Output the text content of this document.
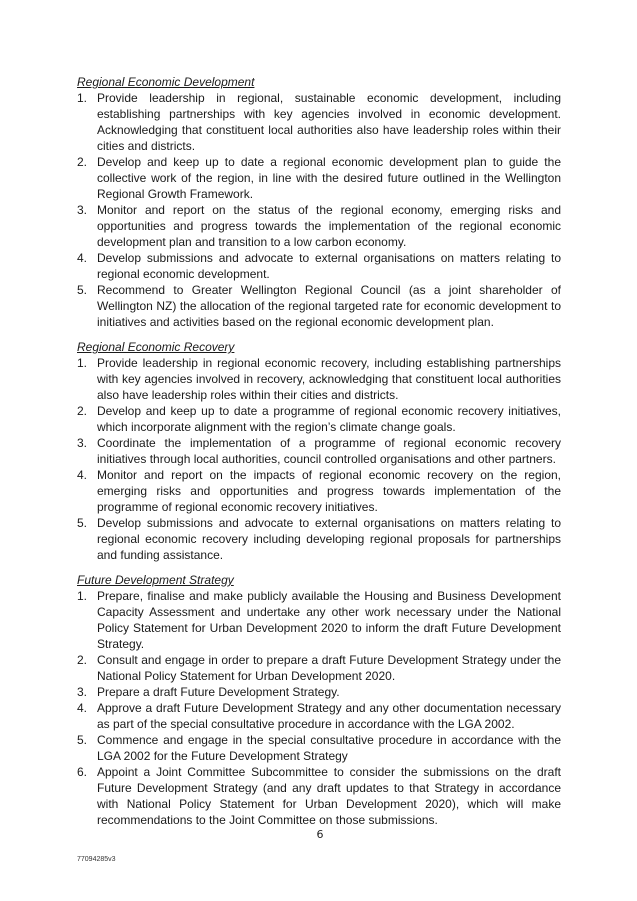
Regional Economic Development

1. Provide leadership in regional, sustainable economic development, including establishing partnerships with key agencies involved in economic development. Acknowledging that constituent local authorities also have leadership roles within their cities and districts.
2. Develop and keep up to date a regional economic development plan to guide the collective work of the region, in line with the desired future outlined in the Wellington Regional Growth Framework.
3. Monitor and report on the status of the regional economy, emerging risks and opportunities and progress towards the implementation of the regional economic development plan and transition to a low carbon economy.
4. Develop submissions and advocate to external organisations on matters relating to regional economic development.
5. Recommend to Greater Wellington Regional Council (as a joint shareholder of Wellington NZ) the allocation of the regional targeted rate for economic development to initiatives and activities based on the regional economic development plan.

Regional Economic Recovery

1. Provide leadership in regional economic recovery, including establishing partnerships with key agencies involved in recovery, acknowledging that constituent local authorities also have leadership roles within their cities and districts.
2. Develop and keep up to date a programme of regional economic recovery initiatives, which incorporate alignment with the region’s climate change goals.
3. Coordinate the implementation of a programme of regional economic recovery initiatives through local authorities, council controlled organisations and other partners.
4. Monitor and report on the impacts of regional economic recovery on the region, emerging risks and opportunities and progress towards implementation of the programme of regional economic recovery initiatives.
5. Develop submissions and advocate to external organisations on matters relating to regional economic recovery including developing regional proposals for partnerships and funding assistance.

Future Development Strategy

1. Prepare, finalise and make publicly available the Housing and Business Development Capacity Assessment and undertake any other work necessary under the National Policy Statement for Urban Development 2020 to inform the draft Future Development Strategy.
2. Consult and engage in order to prepare a draft Future Development Strategy under the National Policy Statement for Urban Development 2020.
3. Prepare a draft Future Development Strategy.
4. Approve a draft Future Development Strategy and any other documentation necessary as part of the special consultative procedure in accordance with the LGA 2002.
5. Commence and engage in the special consultative procedure in accordance with the LGA 2002 for the Future Development Strategy
6. Appoint a Joint Committee Subcommittee to consider the submissions on the draft Future Development Strategy (and any draft updates to that Strategy in accordance with National Policy Statement for Urban Development 2020), which will make recommendations to the Joint Committee on those submissions.
6
77094285v3
